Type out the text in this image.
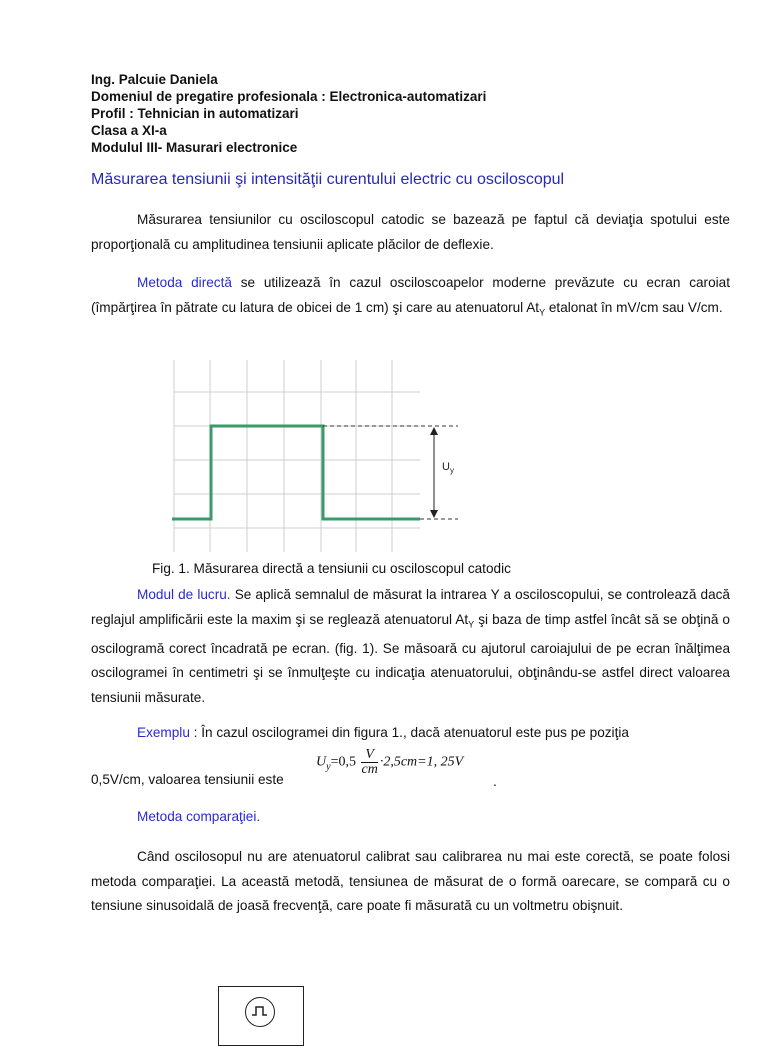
Ing. Palcuie Daniela
Domeniul de pregatire profesionala : Electronica-automatizari
Profil : Tehnician in automatizari
Clasa a XI-a
Modulul III- Masurari electronice
Măsurarea tensiunii şi intensităţii curentului electric cu osciloscopul
Măsurarea tensiunilor cu osciloscopul catodic se bazează pe faptul că deviaţia spotului este proporţională cu amplitudinea tensiunii aplicate plăcilor de deflexie.
Metoda directă se utilizează în cazul osciloscoapelor moderne prevăzute cu ecran caroiat (împărţirea în pătrate cu latura de obicei de 1 cm) şi care au atenuatorul $At_Y$ etalonat în mV/cm sau V/cm.
$U_y$
Fig. 1. Măsurarea directă a tensiunii cu osciloscopul catodic
Modul de lucru. Se aplică semnalul de măsurat la intrarea Y a osciloscopului, se controlează dacă reglajul amplificării este la maxim şi se reglează atenuatorul $At_Y$ şi baza de timp astfel încât să se obţină o oscilogramă corect încadrată pe ecran. (fig. 1). Se măsoară cu ajutorul caroiajului de pe ecran înălţimea oscilogramei în centimetri şi se înmulţeşte cu indicaţia atenuatorului, obţinându-se astfel direct valoarea tensiunii măsurate.
Exemplu : În cazul oscilogramei din figura 1., dacă atenuatorul este pus pe poziţia
0,5V/cm, valoarea tensiunii este
$U_y=0,5 \frac{V}{cm} \cdot 2,5cm=1$, 25V
.
Metoda comparaţiei.
Când oscilosopul nu are atenuatorul calibrat sau calibrarea nu mai este corectă, se poate folosi metoda comparaţiei. La această metodă, tensiunea de măsurat de o formă oarecare, se compară cu o tensiune sinusoidală de joasă frecvenţă, care poate fi măsurată cu un voltmetru obişnuit.
